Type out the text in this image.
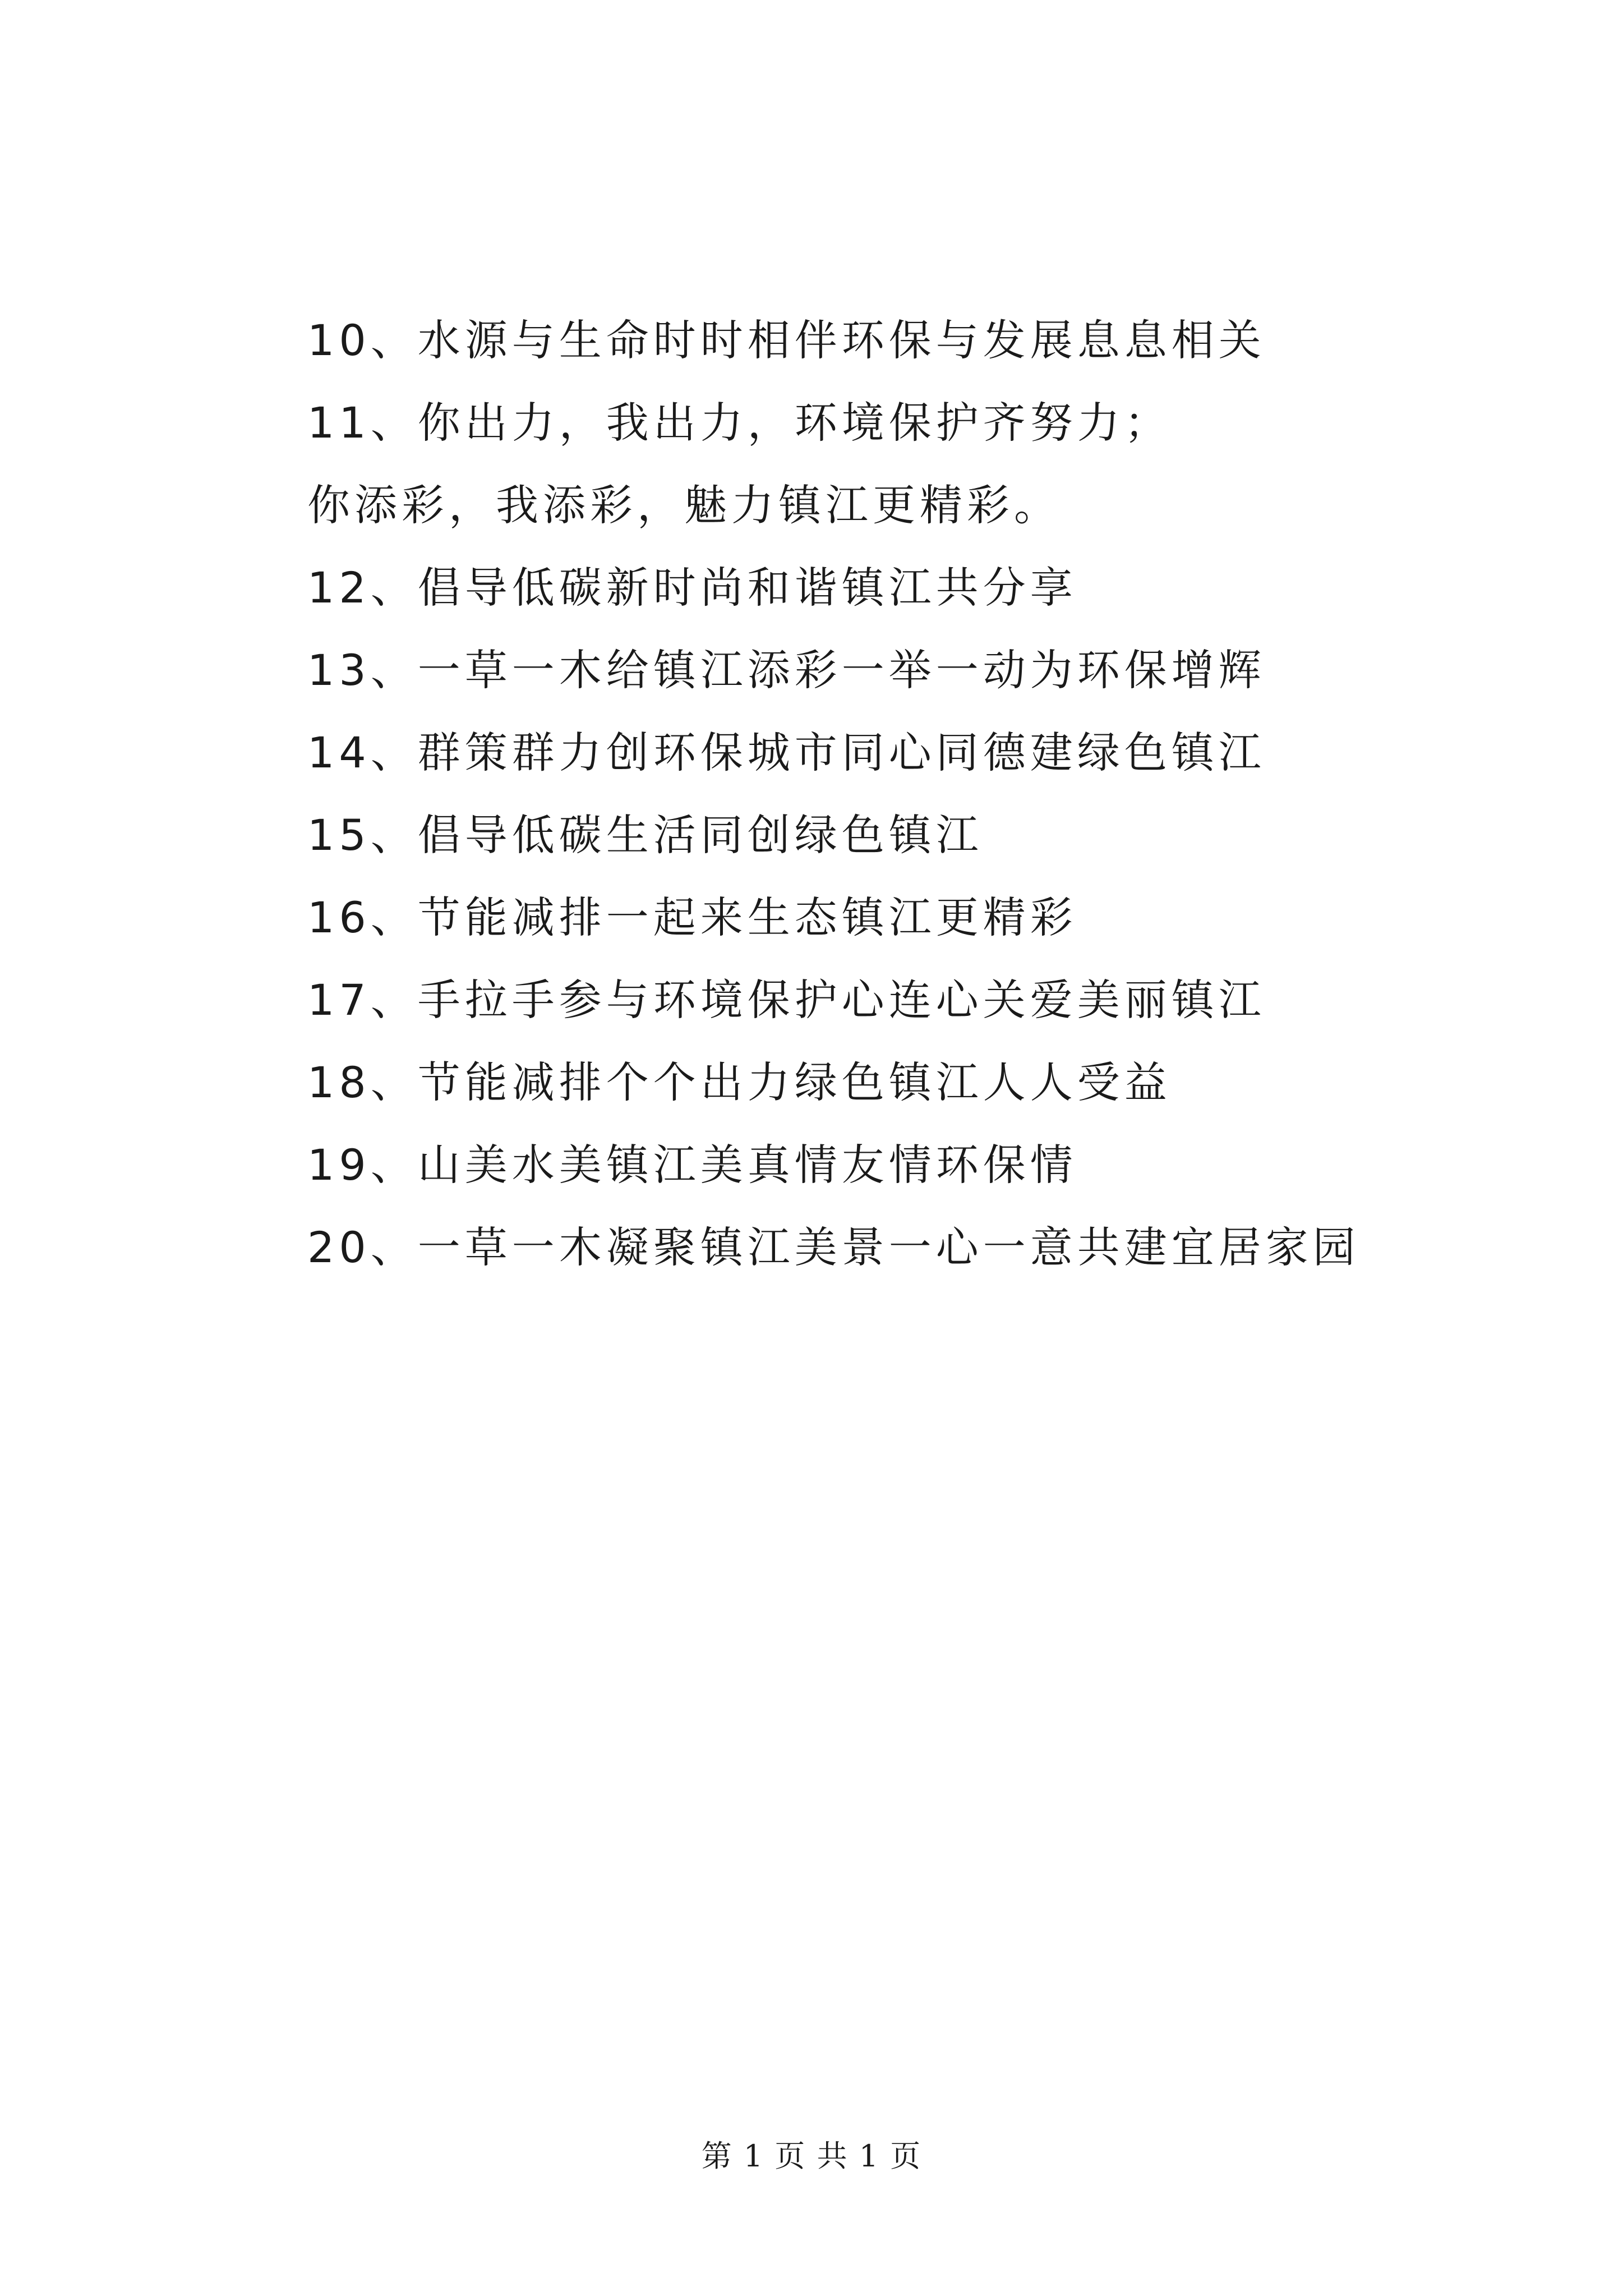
10、水源与生命时时相伴环保与发展息息相关
11、你出力，我出力，环境保护齐努力；
你添彩，我添彩，魅力镇江更精彩。
12、倡导低碳新时尚和谐镇江共分享
13、一草一木给镇江添彩一举一动为环保增辉
14、群策群力创环保城市同心同德建绿色镇江
15、倡导低碳生活同创绿色镇江
16、节能减排一起来生态镇江更精彩
17、手拉手参与环境保护心连心关爱美丽镇江
18、节能减排个个出力绿色镇江人人受益
19、山美水美镇江美真情友情环保情
20、一草一木凝聚镇江美景一心一意共建宜居家园
第 1 页 共 1 页
